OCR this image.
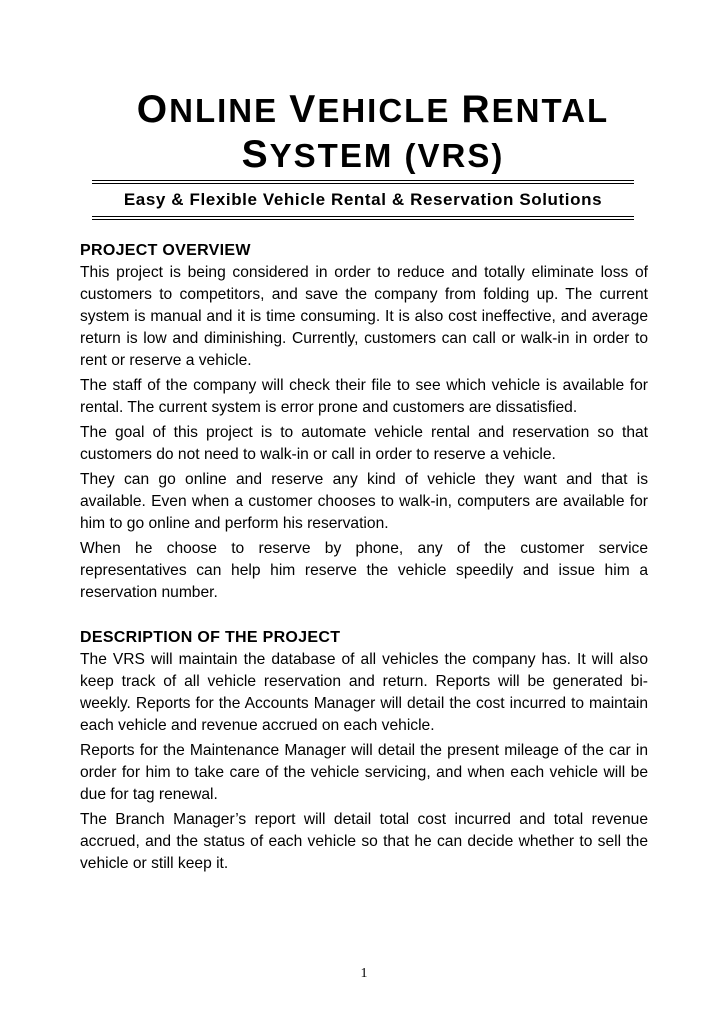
ONLINE VEHICLE RENTAL
SYSTEM (VRS)
Easy & Flexible Vehicle Rental & Reservation Solutions
PROJECT OVERVIEW

This project is being considered in order to reduce and totally eliminate loss of customers to competitors, and save the company from folding up. The current system is manual and it is time consuming. It is also cost ineffective, and average return is low and diminishing. Currently, customers can call or walk-in in order to rent or reserve a vehicle.

The staff of the company will check their file to see which vehicle is available for rental. The current system is error prone and customers are dissatisfied.

The goal of this project is to automate vehicle rental and reservation so that customers do not need to walk-in or call in order to reserve a vehicle.

They can go online and reserve any kind of vehicle they want and that is available. Even when a customer chooses to walk-in, computers are available for him to go online and perform his reservation.

When he choose to reserve by phone, any of the customer service representatives can help him reserve the vehicle speedily and issue him a reservation number.

DESCRIPTION OF THE PROJECT

The VRS will maintain the database of all vehicles the company has. It will also keep track of all vehicle reservation and return. Reports will be generated bi-weekly. Reports for the Accounts Manager will detail the cost incurred to maintain each vehicle and revenue accrued on each vehicle.

Reports for the Maintenance Manager will detail the present mileage of the car in order for him to take care of the vehicle servicing, and when each vehicle will be due for tag renewal.

The Branch Manager’s report will detail total cost incurred and total revenue accrued, and the status of each vehicle so that he can decide whether to sell the vehicle or still keep it.

1
